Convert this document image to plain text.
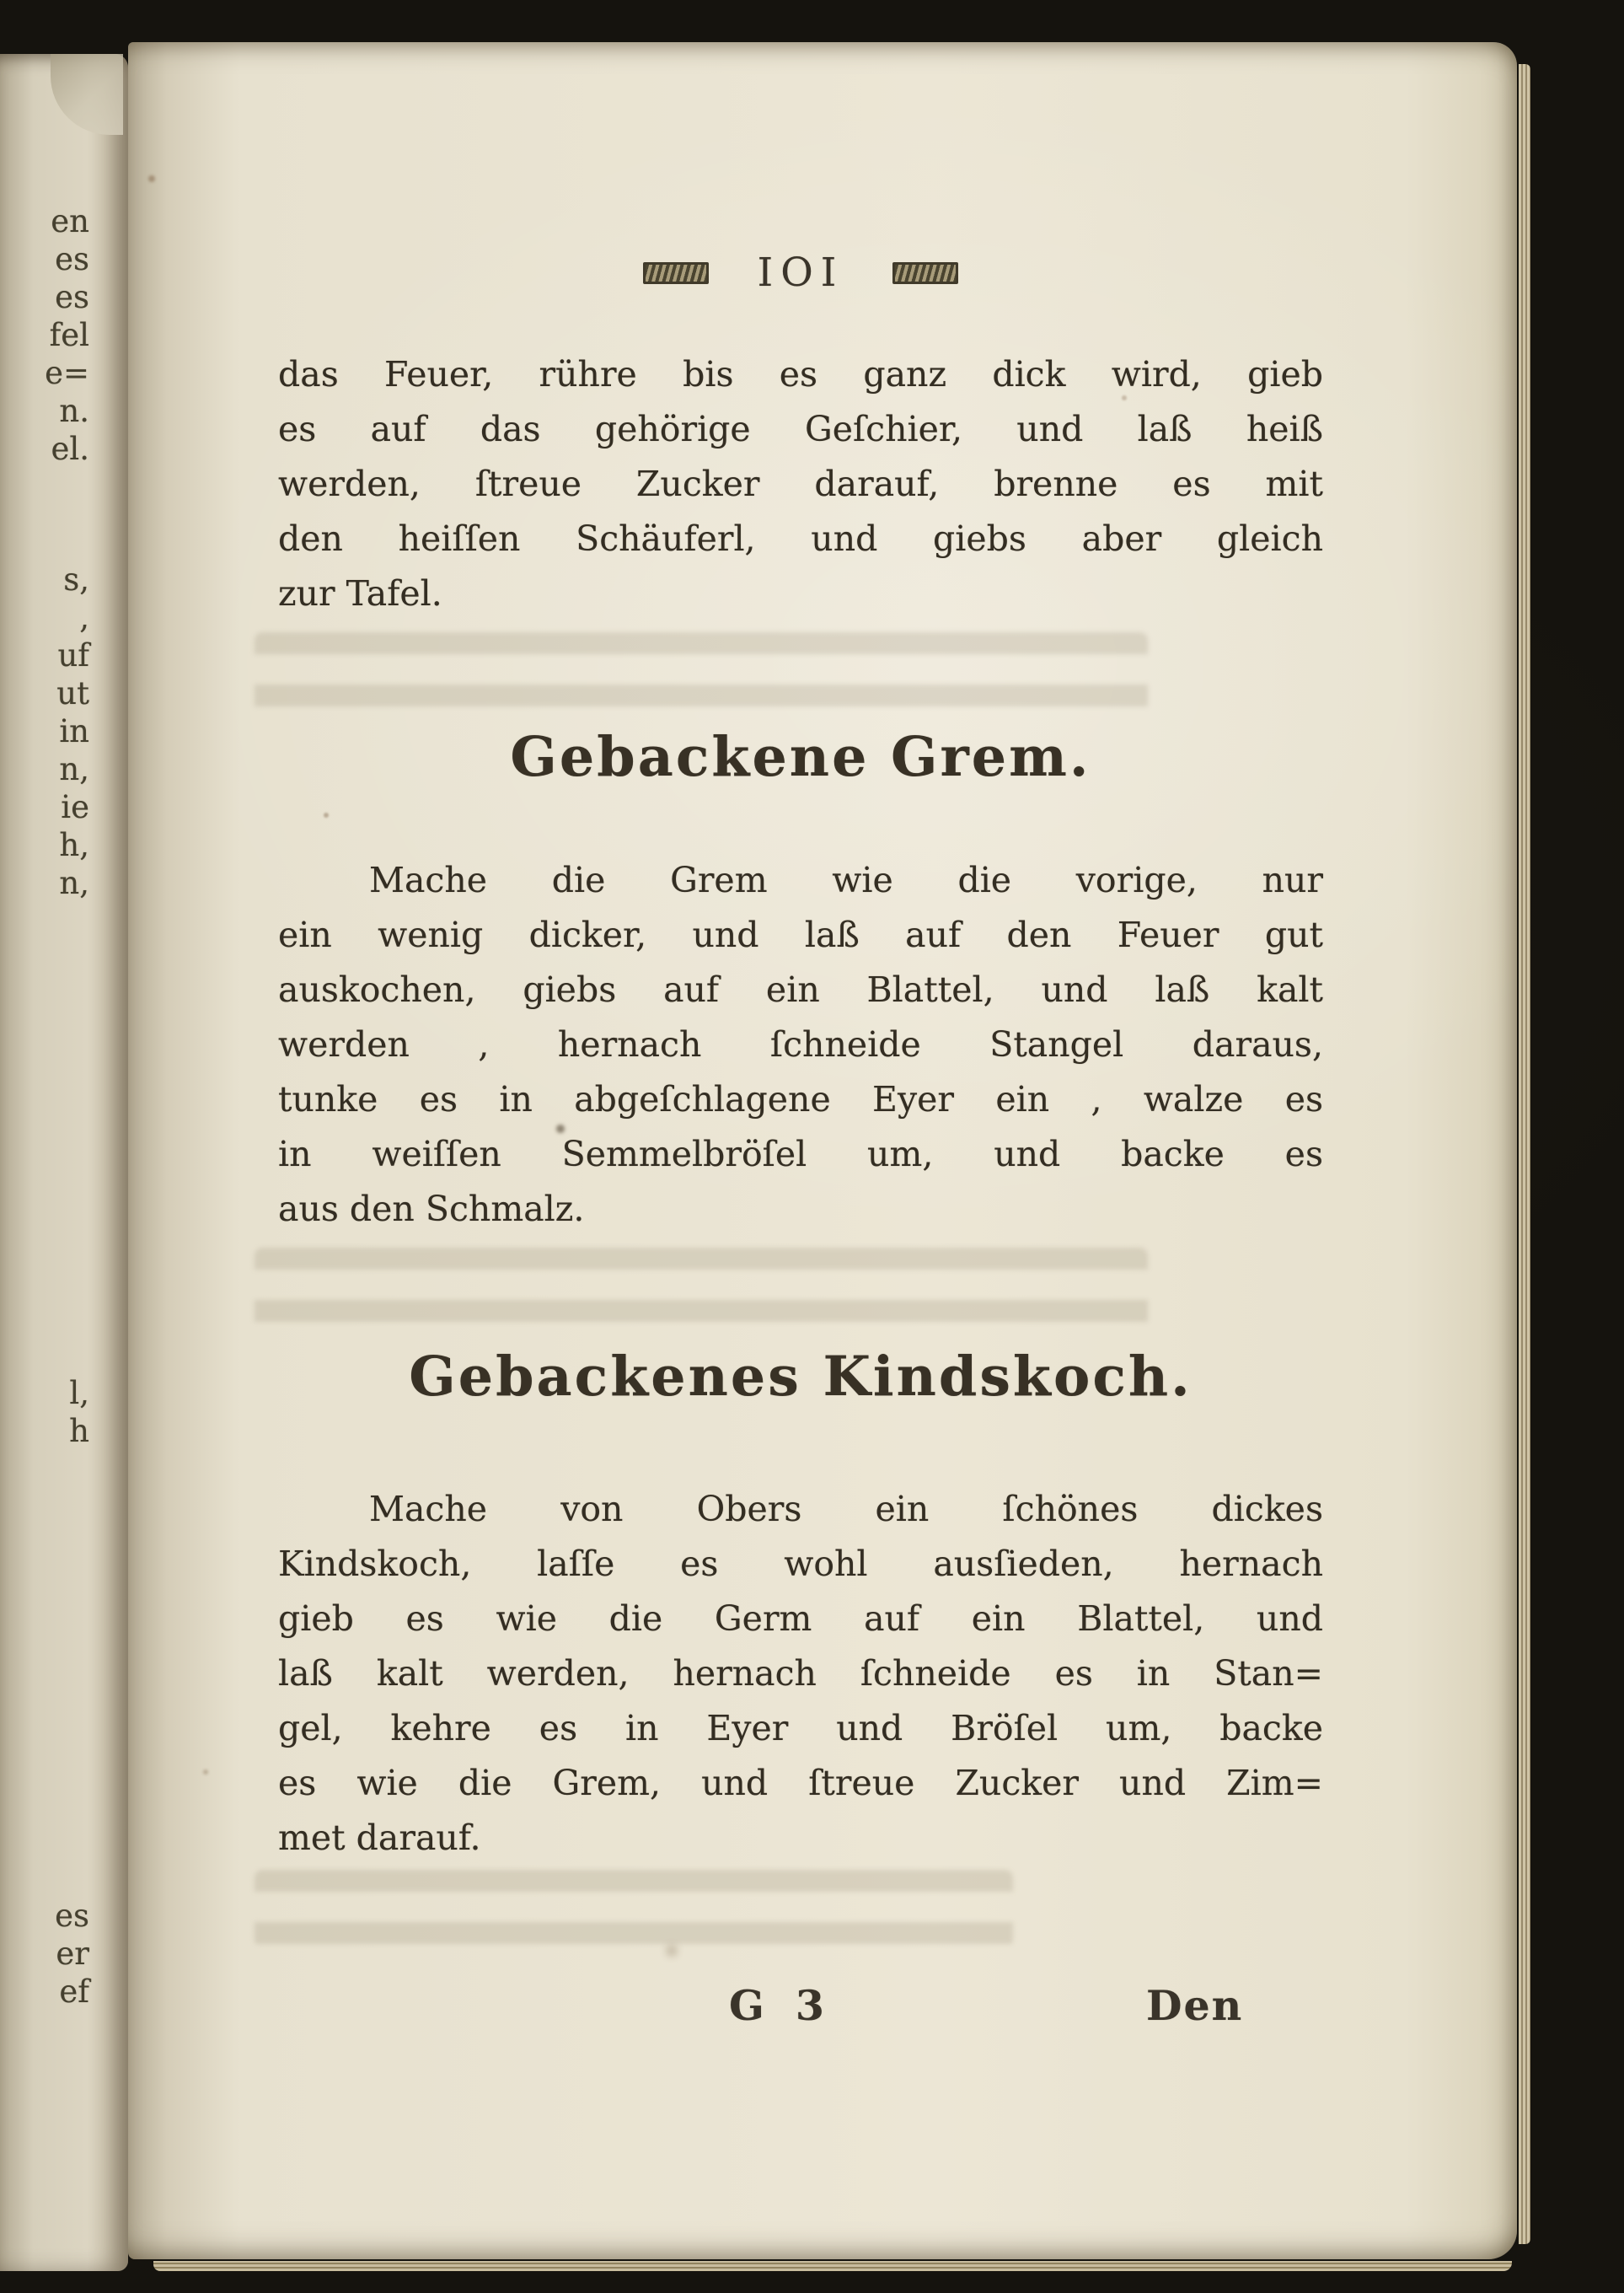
en
es
es
fel
e=
n.
el.
s,
,
uf
ut
in
n,
ie
h,
n,
l,
h
es
er
ef
IOI
das Feuer, rühre bis es ganz dick wird, gieb
es auf das gehörige Geſchier, und laß heiß
werden, ſtreue Zucker darauf, brenne es mit
den heiſſen Schäuferl, und giebs aber gleich
zur Tafel.
Gebackene Grem.
Mache die Grem wie die vorige, nur
ein wenig dicker, und laß auf den Feuer gut
auskochen, giebs auf ein Blattel, und laß kalt
werden , hernach ſchneide Stangel daraus,
tunke es in abgeſchlagene Eyer ein , walze es
in weiſſen Semmelbröſel um, und backe es
aus den Schmalz.
Gebackenes Kindskoch.
Mache von Obers ein ſchönes dickes
Kindskoch, laſſe es wohl ausſieden, hernach
gieb es wie die Germ auf ein Blattel, und
laß kalt werden, hernach ſchneide es in Stan=
gel, kehre es in Eyer und Bröſel um, backe
es wie die Grem, und ſtreue Zucker und Zim=
met darauf.
G 3	Den
